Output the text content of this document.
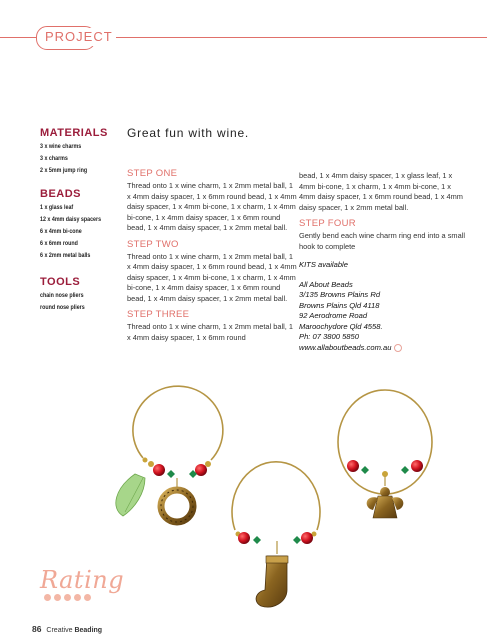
PROJECT
MATERIALS
3 x wine charms
3 x charms
2 x 5mm jump ring
BEADS
1 x glass leaf
12 x 4mm daisy spacers
6 x 4mm bi-cone
6 x 6mm round
6 x 2mm metal balls
TOOLS
chain nose pliers
round nose pliers
Great fun with wine.
STEP ONE

Thread onto 1 x wine charm, 1 x 2mm metal ball, 1 x 4mm daisy spacer, 1 x 6mm round bead, 1 x 4mm daisy spacer, 1 x 4mm bi-cone, 1 x charm, 1 x 4mm bi-cone, 1 x 4mm daisy spacer, 1 x 6mm round bead, 1 x 4mm daisy spacer, 1 x 2mm metal ball.

STEP TWO

Thread onto 1 x wine charm, 1 x 2mm metal ball, 1 x 4mm daisy spacer, 1 x 6mm round bead, 1 x 4mm daisy spacer, 1 x 4mm bi-cone, 1 x charm, 1 x 4mm bi-cone, 1 x 4mm daisy spacer, 1 x 6mm round bead, 1 x 4mm daisy spacer, 1 x 2mm metal ball.

STEP THREE

Thread onto 1 x wine charm, 1 x 2mm metal ball, 1 x 4mm daisy spacer, 1 x 6mm round

bead, 1 x 4mm daisy spacer, 1 x glass leaf, 1 x 4mm bi-cone, 1 x charm, 1 x 4mm bi-cone, 1 x 4mm daisy spacer, 1 x 6mm round bead, 1 x 4mm daisy spacer, 1 x 2mm metal ball.

STEP FOUR

Gently bend each wine charm ring end into a small hook to complete

KITS available
All About Beads
3/135 Browns Plains Rd
Browns Plains Qld 4118
92 Aerodrome Road
Maroochydore Qld 4558.
Ph: 07 3800 5850
www.allaboutbeads.com.au
Rating
86 Creative Beading
